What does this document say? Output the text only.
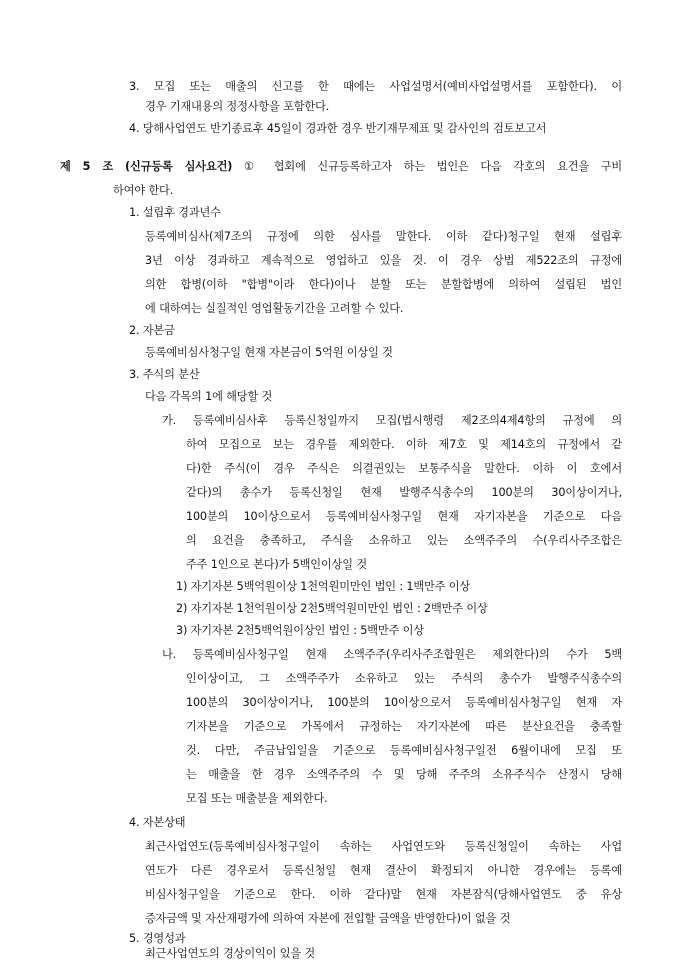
3. 모집 또는 매출의 신고를 한 때에는 사업설명서(예비사업설명서를 포함한다). 이
경우 기재내용의 정정사항을 포함한다.
4. 당해사업연도 반기종료후 45일이 경과한 경우 반기재무제표 및 감사인의 검토보고서
제 5 조 (신규등록 심사요건) ① 협회에 신규등록하고자 하는 법인은 다음 각호의 요건을 구비
하여야 한다.
1. 설립후 경과년수
등록예비심사(제7조의 규정에 의한 심사를 말한다. 이하 같다)청구일 현재 설립후
3년 이상 경과하고 계속적으로 영업하고 있을 것. 이 경우 상법 제522조의 규정에
의한 합병(이하 "합병"이라 한다)이나 분할 또는 분할합병에 의하여 설립된 법인
에 대하여는 실질적인 영업활동기간을 고려할 수 있다.
2. 자본금
등록예비심사청구일 현재 자본금이 5억원 이상일 것
3. 주식의 분산
다음 각목의 1에 해당할 것
가. 등록예비심사후 등록신청일까지 모집(법시행령 제2조의4제4항의 규정에 의
하여 모집으로 보는 경우를 제외한다. 이하 제7호 및 제14호의 규정에서 같
다)한 주식(이 경우 주식은 의결권있는 보통주식을 말한다. 이하 이 호에서
같다)의 총수가 등록신청일 현재 발행주식총수의 100분의 30이상이거나,
100분의 10이상으로서 등록예비심사청구일 현재 자기자본을 기준으로 다음
의 요건을 충족하고, 주식을 소유하고 있는 소액주주의 수(우리사주조합은
주주 1인으로 본다)가 5백인이상일 것
1) 자기자본 5백억원이상 1천억원미만인 법인 : 1백만주 이상
2) 자기자본 1천억원이상 2천5백억원미만인 법인 : 2백만주 이상
3) 자기자본 2천5백억원이상인 법인 : 5백만주 이상
나. 등록예비심사청구일 현재 소액주주(우리사주조합원은 제외한다)의 수가 5백
인이상이고, 그 소액주주가 소유하고 있는 주식의 총수가 발행주식총수의
100분의 30이상이거나, 100분의 10이상으로서 등록예비심사청구일 현재 자
기자본을 기준으로 가목에서 규정하는 자기자본에 따른 분산요건을 충족할
것. 다만, 주금납입일을 기준으로 등록예비심사청구일전 6월이내에 모집 또
는 매출을 한 경우 소액주주의 수 및 당해 주주의 소유주식수 산정시 당해
모집 또는 매출분을 제외한다.
4. 자본상태
최근사업연도(등록예비심사청구일이 속하는 사업연도와 등록신청일이 속하는 사업
연도가 다른 경우로서 등록신청일 현재 결산이 확정되지 아니한 경우에는 등록예
비심사청구일을 기준으로 한다. 이하 같다)말 현재 자본잠식(당해사업연도 중 유상
증자금액 및 자산재평가에 의하여 자본에 전입할 금액을 반영한다)이 없을 것
5. 경영성과
최근사업연도의 경상이익이 있을 것
